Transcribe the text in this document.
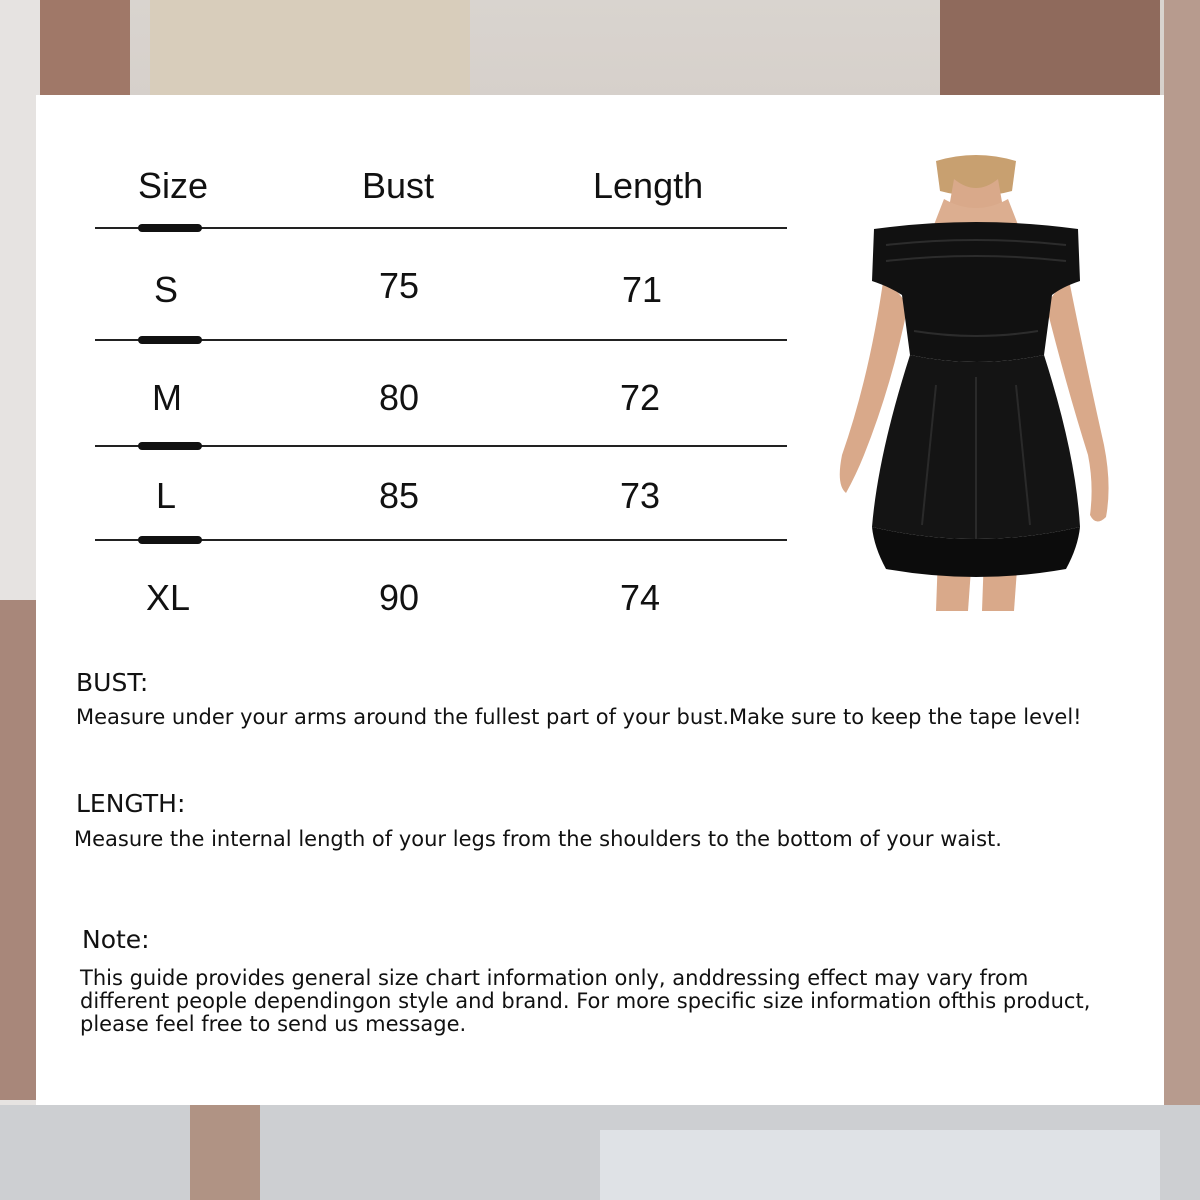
Size	Bust	Length
S	75	71
M	80	72
L	85	73
XL	90	74
BUST:
Measure under your arms around the fullest part of your bust.Make sure to keep the tape level!
LENGTH:
Measure the internal length of your legs from the shoulders to the bottom of your waist.
Note:
This guide provides general size chart information only, anddressing effect may vary from
different people dependingon style and brand. For more specific size information ofthis product,
please feel free to send us message.
